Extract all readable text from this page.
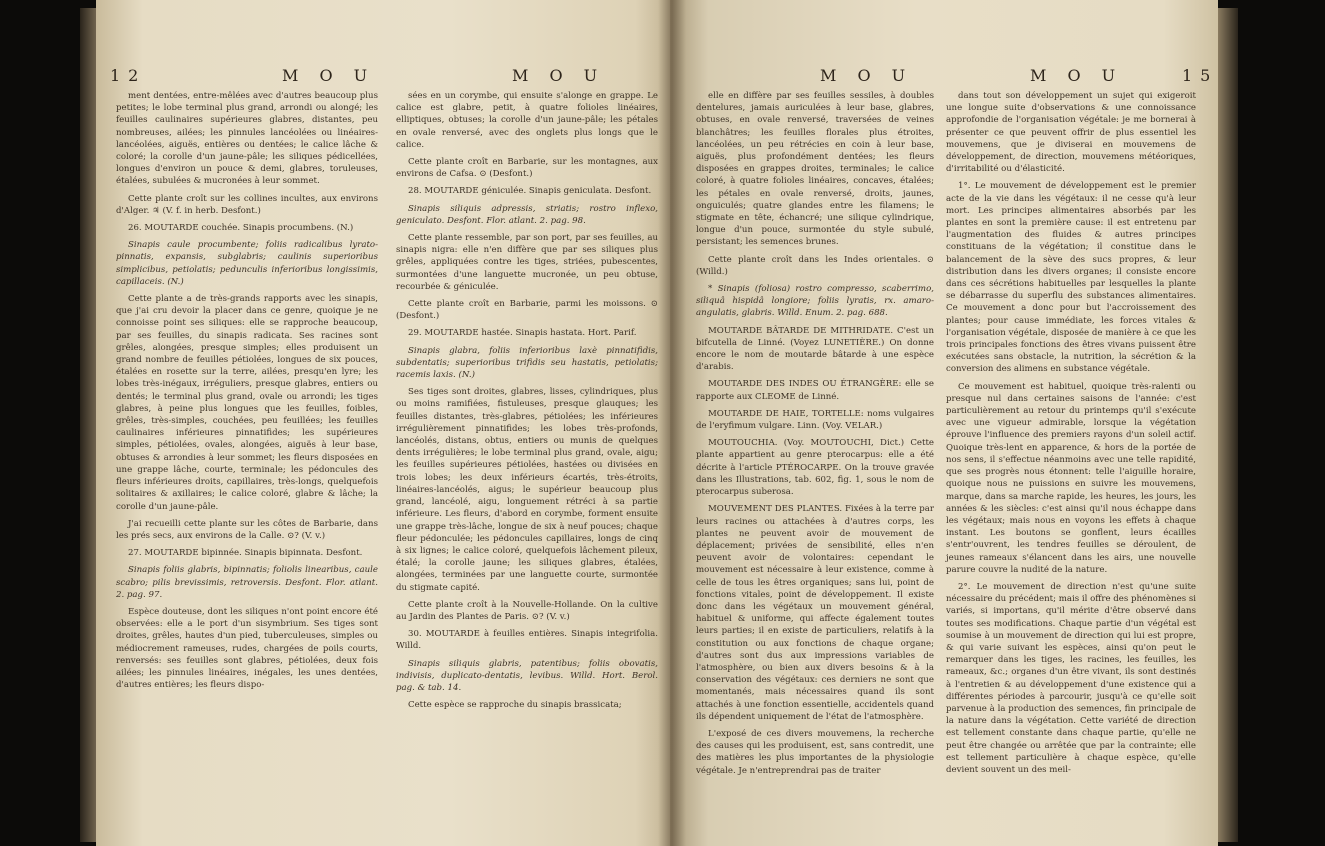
12	M O U	M O U

ment dentées, entre-mêlées avec d'autres beaucoup plus petites; le lobe terminal plus grand, arrondi ou alongé; les feuilles caulinaires supérieures glabres, distantes, peu nombreuses, ailées; les pinnules lancéolées ou linéaires-lancéolées, aiguës, entières ou dentées; le calice lâche & coloré; la corolle d'un jaune-pâle; les siliques pédicellées, longues d'environ un pouce & demi, glabres, toruleuses, étalées, subulées & mucronées à leur sommet.

Cette plante croît sur les collines incultes, aux environs d'Alger. ♃ (V. f. in herb. Desfont.)

26. MOUTARDE couchée. Sinapis procumbens. (N.)

Sinapis caule procumbente; foliis radicalibus lyrato-pinnatis, expansis, subglabris; caulinis superioribus simplicibus, petiolatis; pedunculis inferioribus longissimis, capillaceis. (N.)

Cette plante a de très-grands rapports avec les sinapis, que j'ai cru devoir la placer dans ce genre, quoique je ne connoisse point ses siliques: elle se rapproche beaucoup, par ses feuilles, du sinapis radicata. Ses racines sont grêles, alongées, presque simples; elles produisent un grand nombre de feuilles pétiolées, longues de six pouces, étalées en rosette sur la terre, ailées, presqu'en lyre; les lobes très-inégaux, irréguliers, presque glabres, entiers ou dentés; le terminal plus grand, ovale ou arrondi; les tiges glabres, à peine plus longues que les feuilles, foibles, grêles, très-simples, couchées, peu feuillées; les feuilles caulinaires inférieures pinnatifides; les supérieures simples, pétiolées, ovales, alongées, aiguës à leur base, obtuses & arrondies à leur sommet; les fleurs disposées en une grappe lâche, courte, terminale; les pédoncules des fleurs inférieures droits, capillaires, très-longs, quelquefois solitaires & axillaires; le calice coloré, glabre & lâche; la corolle d'un jaune-pâle.

J'ai recueilli cette plante sur les côtes de Barbarie, dans les prés secs, aux environs de la Calle. ⊙? (V. v.)

27. MOUTARDE bipinnée. Sinapis bipinnata. Desfont.

Sinapis foliis glabris, bipinnatis; foliolis linearibus, caule scabro; pilis brevissimis, retroversis. Desfont. Flor. atlant. 2. pag. 97.

Espèce douteuse, dont les siliques n'ont point encore été observées: elle a le port d'un sisymbrium. Ses tiges sont droites, grêles, hautes d'un pied, tuberculeuses, simples ou médiocrement rameuses, rudes, chargées de poils courts, renversés: ses feuilles sont glabres, pétiolées, deux fois ailées; les pinnules linéaires, inégales, les unes dentées, d'autres entières; les fleurs dispo-

sées en un corymbe, qui ensuite s'alonge en grappe. Le calice est glabre, petit, à quatre folioles linéaires, elliptiques, obtuses; la corolle d'un jaune-pâle; les pétales en ovale renversé, avec des onglets plus longs que le calice.

Cette plante croît en Barbarie, sur les montagnes, aux environs de Cafsa. ⊙ (Desfont.)

28. MOUTARDE géniculée. Sinapis geniculata. Desfont.

Sinapis siliquis adpressis, striatis; rostro inflexo, geniculato. Desfont. Flor. atlant. 2. pag. 98.

Cette plante ressemble, par son port, par ses feuilles, au sinapis nigra: elle n'en diffère que par ses siliques plus grêles, appliquées contre les tiges, striées, pubescentes, surmontées d'une languette mucronée, un peu obtuse, recourbée & géniculée.

Cette plante croît en Barbarie, parmi les moissons. ⊙ (Desfont.)

29. MOUTARDE hastée. Sinapis hastata. Hort. Parif.

Sinapis glabra, foliis inferioribus laxè pinnatifidis, subdentatis; superioribus trifidis seu hastatis, petiolatis; racemis laxis. (N.)

Ses tiges sont droites, glabres, lisses, cylindriques, plus ou moins ramifiées, fistuleuses, presque glauques; les feuilles distantes, très-glabres, pétiolées; les inférieures irrégulièrement pinnatifides; les lobes très-profonds, lancéolés, distans, obtus, entiers ou munis de quelques dents irrégulières; le lobe terminal plus grand, ovale, aigu; les feuilles supérieures pétiolées, hastées ou divisées en trois lobes; les deux inférieurs écartés, très-étroits, linéaires-lancéolés, aigus; le supérieur beaucoup plus grand, lancéolé, aigu, longuement rétréci à sa partie inférieure. Les fleurs, d'abord en corymbe, forment ensuite une grappe très-lâche, longue de six à neuf pouces; chaque fleur pédonculée; les pédoncules capillaires, longs de cinq à six lignes; le calice coloré, quelquefois lâchement pileux, étalé; la corolle jaune; les siliques glabres, étalées, alongées, terminées par une languette courte, surmontée du stigmate capité.

Cette plante croît à la Nouvelle-Hollande. On la cultive au Jardin des Plantes de Paris. ⊙? (V. v.)

30. MOUTARDE à feuilles entières. Sinapis integrifolia. Willd.

Sinapis siliquis glabris, patentibus; foliis obovatis, indivisis, duplicato-dentatis, levibus. Willd. Hort. Berol. pag. & tab. 14.

Cette espèce se rapproche du sinapis brassicata;

M O U	M O U	15

elle en diffère par ses feuilles sessiles, à doubles dentelures, jamais auriculées à leur base, glabres, obtuses, en ovale renversé, traversées de veines blanchâtres; les feuilles florales plus étroites, lancéolées, un peu rétrécies en coin à leur base, aiguës, plus profondément dentées; les fleurs disposées en grappes droites, terminales; le calice coloré, à quatre folioles linéaires, concaves, étalées; les pétales en ovale renversé, droits, jaunes, onguiculés; quatre glandes entre les filamens; le stigmate en tête, échancré; une silique cylindrique, longue d'un pouce, surmontée du style subulé, persistant; les semences brunes.

Cette plante croît dans les Indes orientales. ⊙ (Willd.)

* Sinapis (foliosa) rostro compresso, scaberrimo, siliquâ hispidâ longiore; foliis lyratis, rx. amaro-angulatis, glabris. Willd. Enum. 2. pag. 688.

MOUTARDE BÂTARDE DE MITHRIDATE. C'est un bifcutella de Linné. (Voyez LUNETIÈRE.) On donne encore le nom de moutarde bâtarde à une espèce d'arabis.

MOUTARDE DES INDES OU ÉTRANGÈRE: elle se rapporte aux CLEOME de Linné.

MOUTARDE DE HAIE, TORTELLE: noms vulgaires de l'eryfimum vulgare. Linn. (Voy. VELAR.)

MOUTOUCHIA. (Voy. MOUTOUCHI, Dict.) Cette plante appartient au genre pterocarpus: elle a été décrite à l'article PTÉROCARPE. On la trouve gravée dans les Illustrations, tab. 602, fig. 1, sous le nom de pterocarpus suberosa.

MOUVEMENT DES PLANTES. Fixées à la terre par leurs racines ou attachées à d'autres corps, les plantes ne peuvent avoir de mouvement de déplacement; privées de sensibilité, elles n'en peuvent avoir de volontaires: cependant le mouvement est nécessaire à leur existence, comme à celle de tous les êtres organiques; sans lui, point de fonctions vitales, point de développement. Il existe donc dans les végétaux un mouvement général, habituel & uniforme, qui affecte également toutes leurs parties; il en existe de particuliers, relatifs à la constitution ou aux fonctions de chaque organe; d'autres sont dus aux impressions variables de l'atmosphère, ou bien aux divers besoins & à la conservation des végétaux: ces derniers ne sont que momentanés, mais nécessaires quand ils sont attachés à une fonction essentielle, accidentels quand ils dépendent uniquement de l'état de l'atmosphère.

L'exposé de ces divers mouvemens, la recherche des causes qui les produisent, est, sans contredit, une des matières les plus importantes de la physiologie végétale. Je n'entreprendrai pas de traiter

dans tout son développement un sujet qui exigeroit une longue suite d'observations & une connoissance approfondie de l'organisation végétale: je me bornerai à présenter ce que peuvent offrir de plus essentiel les mouvemens, que je diviserai en mouvemens de développement, de direction, mouvemens météoriques, d'irritabilité ou d'élasticité.

1°. Le mouvement de développement est le premier acte de la vie dans les végétaux: il ne cesse qu'à leur mort. Les principes alimentaires absorbés par les plantes en sont la première cause: il est entretenu par l'augmentation des fluides & autres principes constituans de la végétation; il constitue dans le balancement de la sève des sucs propres, & leur distribution dans les divers organes; il consiste encore dans ces sécrétions habituelles par lesquelles la plante se débarrasse du superflu des substances alimentaires. Ce mouvement a donc pour but l'accroissement des plantes; pour cause immédiate, les forces vitales & l'organisation végétale, disposée de manière à ce que les trois principales fonctions des êtres vivans puissent être exécutées sans obstacle, la nutrition, la sécrétion & la conversion des alimens en substance végétale.

Ce mouvement est habituel, quoique très-ralenti ou presque nul dans certaines saisons de l'année: c'est particulièrement au retour du printemps qu'il s'exécute avec une vigueur admirable, lorsque la végétation éprouve l'influence des premiers rayons d'un soleil actif. Quoique très-lent en apparence, & hors de la portée de nos sens, il s'effectue néanmoins avec une telle rapidité, que ses progrès nous étonnent: telle l'aiguille horaire, quoique nous ne puissions en suivre les mouvemens, marque, dans sa marche rapide, les heures, les jours, les années & les siècles: c'est ainsi qu'il nous échappe dans les végétaux; mais nous en voyons les effets à chaque instant. Les boutons se gonflent, leurs écailles s'entr'ouvrent, les tendres feuilles se déroulent, de jeunes rameaux s'élancent dans les airs, une nouvelle parure couvre la nudité de la nature.

2°. Le mouvement de direction n'est qu'une suite nécessaire du précédent; mais il offre des phénomènes si variés, si importans, qu'il mérite d'être observé dans toutes ses modifications. Chaque partie d'un végétal est soumise à un mouvement de direction qui lui est propre, & qui varie suivant les espèces, ainsi qu'on peut le remarquer dans les tiges, les racines, les feuilles, les rameaux, &c.; organes d'un être vivant, ils sont destinés à l'entretien & au développement d'une existence qui a différentes périodes à parcourir, jusqu'à ce qu'elle soit parvenue à la production des semences, fin principale de la nature dans la végétation. Cette variété de direction est tellement constante dans chaque partie, qu'elle ne peut être changée ou arrêtée que par la contrainte; elle est tellement particulière à chaque espèce, qu'elle devient souvent un des meil-
